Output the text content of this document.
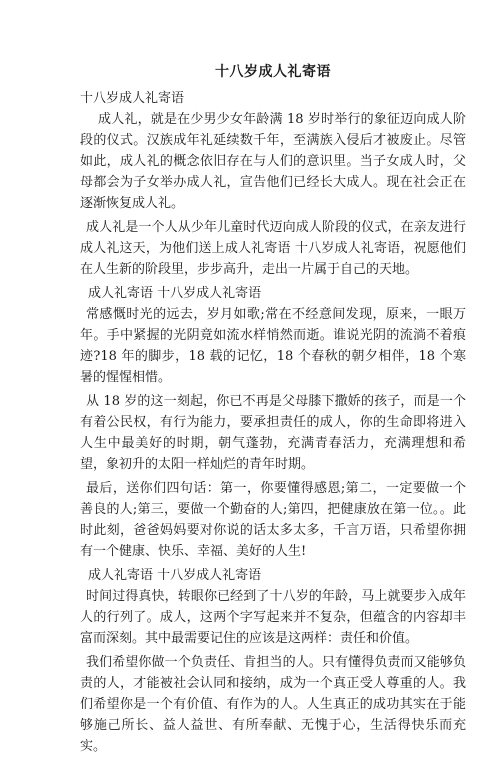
十八岁成人礼寄语
十八岁成人礼寄语

成人礼，就是在少男少女年龄满 18 岁时举行的象征迈向成人阶段的仪式。汉族成年礼延续数千年，至满族入侵后才被废止。尽管如此，成人礼的概念依旧存在与人们的意识里。当子女成人时，父母都会为子女举办成人礼，宣告他们已经长大成人。现在社会正在逐渐恢复成人礼。

成人礼是一个人从少年儿童时代迈向成人阶段的仪式，在亲友进行成人礼这天，为他们送上成人礼寄语 十八岁成人礼寄语，祝愿他们在人生新的阶段里，步步高升，走出一片属于自己的天地。

成人礼寄语 十八岁成人礼寄语

常感慨时光的远去，岁月如歌;常在不经意间发现，原来，一眼万年。手中紧握的光阴竟如流水样悄然而逝。谁说光阴的流淌不着痕迹?18 年的脚步，18 载的记忆，18 个春秋的朝夕相伴，18 个寒暑的惺惺相惜。

从 18 岁的这一刻起，你已不再是父母膝下撒娇的孩子，而是一个有着公民权，有行为能力，要承担责任的成人，你的生命即将进入人生中最美好的时期，朝气蓬勃，充满青春活力，充满理想和希望，象初升的太阳一样灿烂的青年时期。

最后，送你们四句话：第一，你要懂得感恩;第二，一定要做一个善良的人;第三，要做一个勤奋的人;第四，把健康放在第一位。。此时此刻，爸爸妈妈要对你说的话太多太多，千言万语，只希望你拥有一个健康、快乐、幸福、美好的人生!

成人礼寄语 十八岁成人礼寄语

时间过得真快，转眼你已经到了十八岁的年龄，马上就要步入成年人的行列了。成人，这两个字写起来并不复杂，但蕴含的内容却丰富而深刻。其中最需要记住的应该是这两样：责任和价值。

我们希望你做一个负责任、肯担当的人。只有懂得负责而又能够负责的人，才能被社会认同和接纳，成为一个真正受人尊重的人。我们希望你是一个有价值、有作为的人。人生真正的成功其实在于能够施己所长、益人益世、有所奉献、无愧于心，生活得快乐而充实。
